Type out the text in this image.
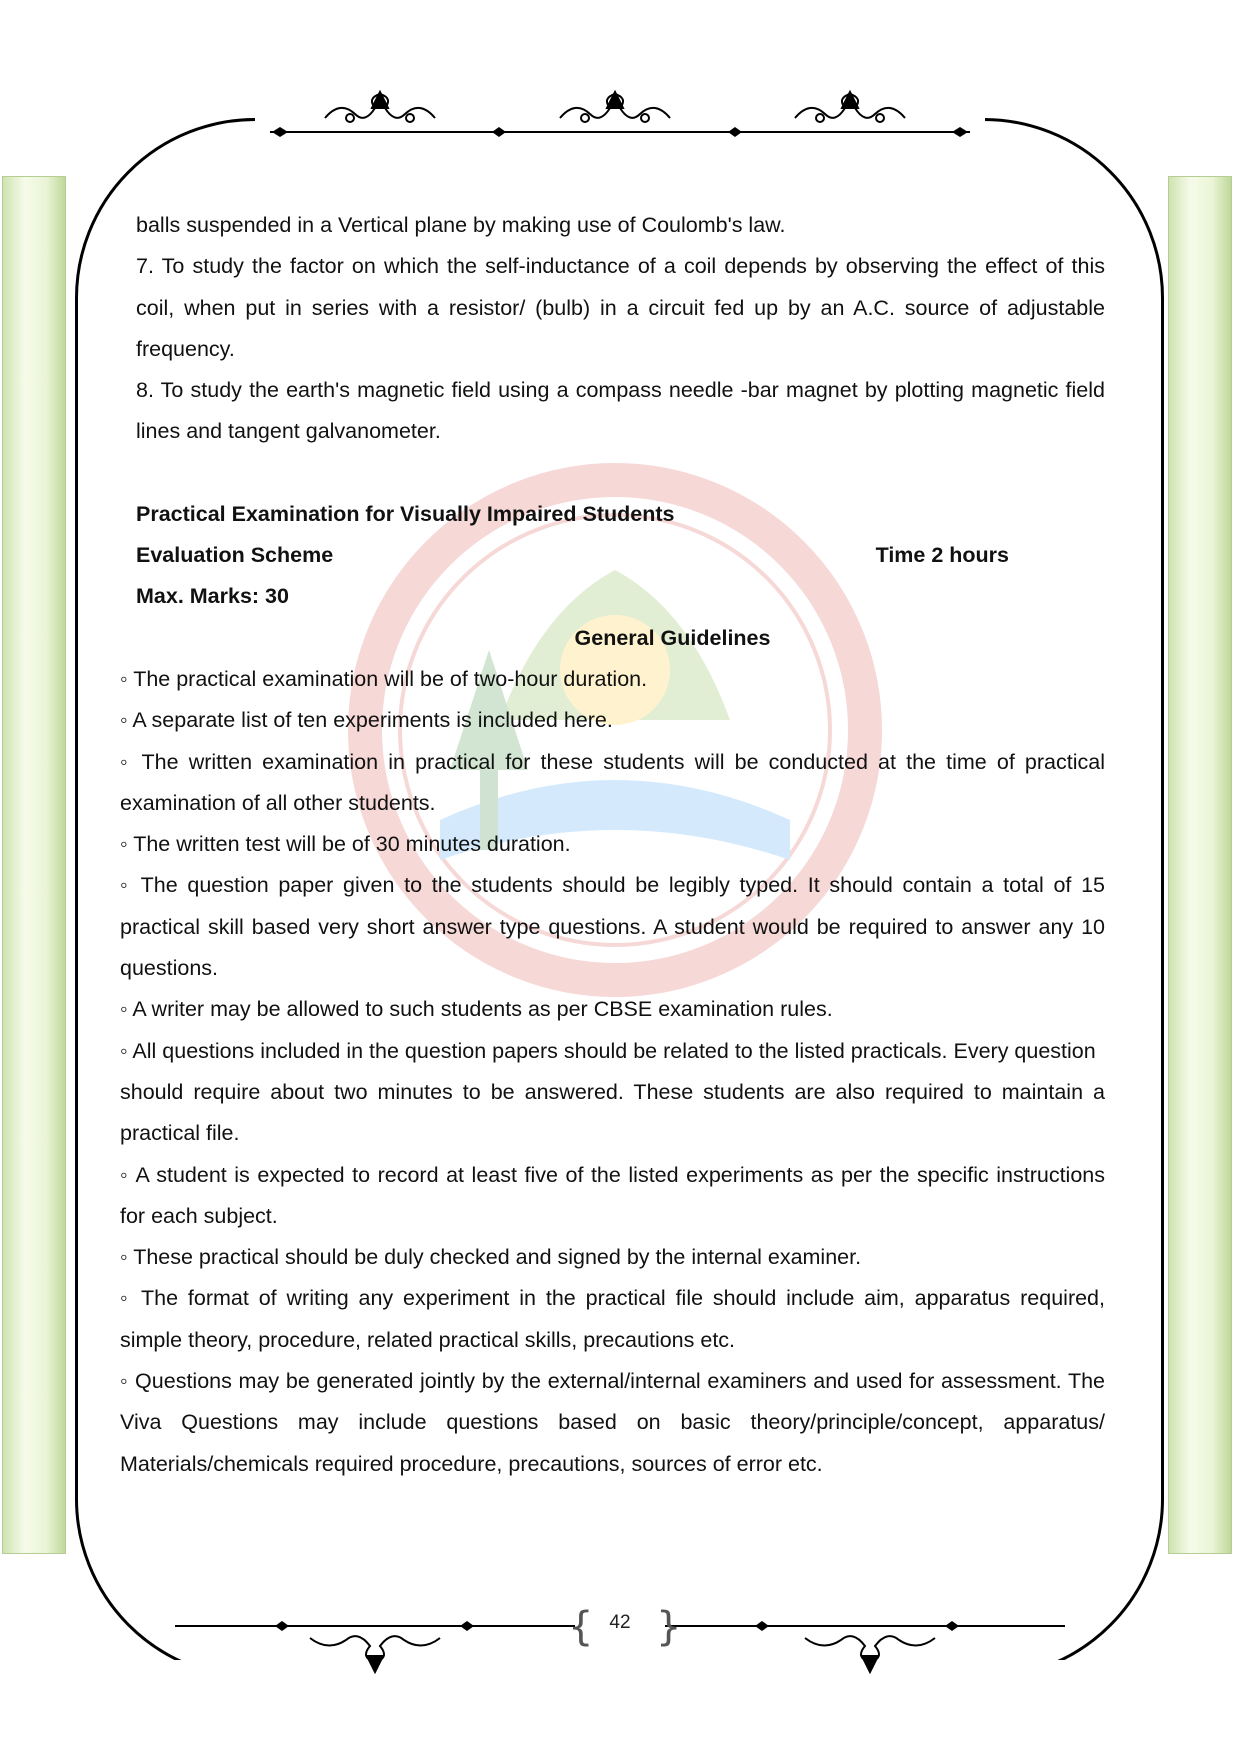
balls suspended in a Vertical plane by making use of Coulomb's law.

7. To study the factor on which the self-inductance of a coil depends by observing the effect of this coil, when put in series with a resistor/ (bulb) in a circuit fed up by an A.C. source of adjustable frequency.

8. To study the earth's magnetic field using a compass needle -bar magnet by plotting magnetic field lines and tangent galvanometer.

Practical Examination for Visually Impaired Students

Evaluation Scheme	Time 2 hours

Max. Marks: 30

General Guidelines

◦ The practical examination will be of two-hour duration.

◦ A separate list of ten experiments is included here.

◦ The written examination in practical for these students will be conducted at the time of practical examination of all other students.

◦ The written test will be of 30 minutes duration.

◦ The question paper given to the students should be legibly typed. It should contain a total of 15 practical skill based very short answer type questions. A student would be required to answer any 10 questions.

◦ A writer may be allowed to such students as per CBSE examination rules.

◦ All questions included in the question papers should be related to the listed practicals. Every question

should require about two minutes to be answered. These students are also required to maintain a practical file.

◦ A student is expected to record at least five of the listed experiments as per the specific instructions for each subject.

◦ These practical should be duly checked and signed by the internal examiner.

◦ The format of writing any experiment in the practical file should include aim, apparatus required, simple theory, procedure, related practical skills, precautions etc.

◦ Questions may be generated jointly by the external/internal examiners and used for assessment. The Viva Questions may include questions based on basic theory/principle/concept, apparatus/ Materials/chemicals required procedure, precautions, sources of error etc.

{ }
42
